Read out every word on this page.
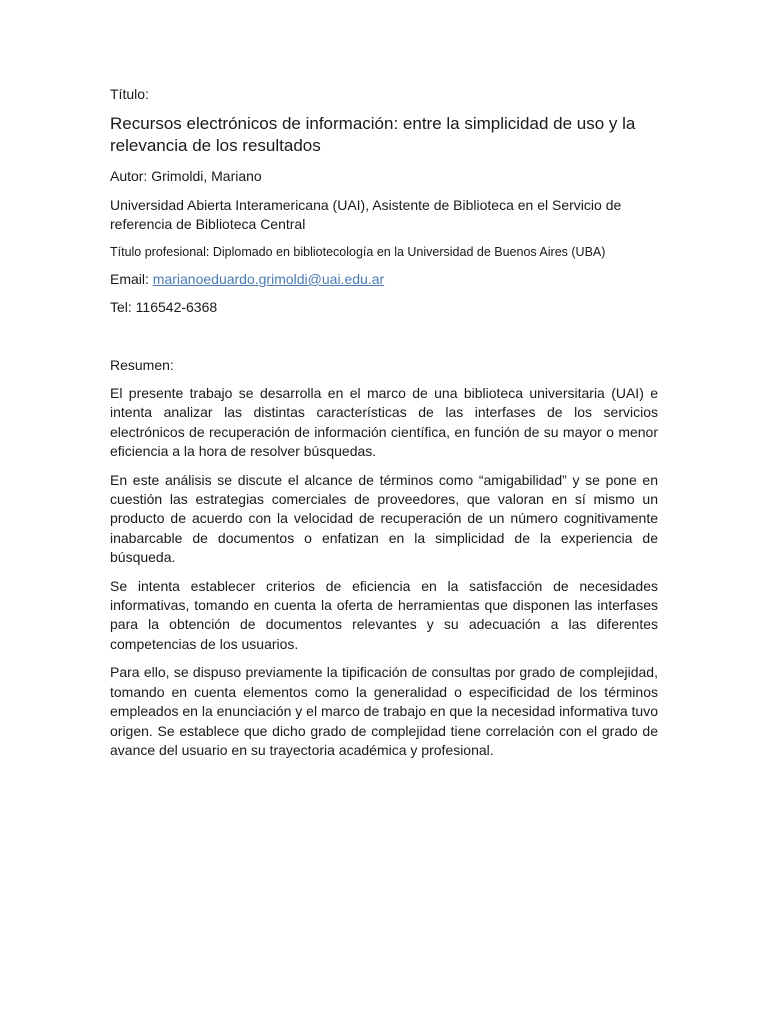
Título:

Recursos electrónicos de información: entre la simplicidad de uso y la relevancia de los resultados

Autor: Grimoldi, Mariano

Universidad Abierta Interamericana (UAI), Asistente de Biblioteca en el Servicio de referencia de Biblioteca Central

Título profesional: Diplomado en bibliotecología en la Universidad de Buenos Aires (UBA)

Email: marianoeduardo.grimoldi@uai.edu.ar

Tel: 116542-6368

Resumen:

El presente trabajo se desarrolla en el marco de una biblioteca universitaria (UAI) e intenta analizar las distintas características de las interfases de los servicios electrónicos de recuperación de información científica, en función de su mayor o menor eficiencia a la hora de resolver búsquedas.

En este análisis se discute el alcance de términos como “amigabilidad” y se pone en cuestión las estrategias comerciales de proveedores, que valoran en sí mismo un producto de acuerdo con la velocidad de recuperación de un número cognitivamente inabarcable de documentos o enfatizan en la simplicidad de la experiencia de búsqueda.

Se intenta establecer criterios de eficiencia en la satisfacción de necesidades informativas, tomando en cuenta la oferta de herramientas que disponen las interfases para la obtención de documentos relevantes y su adecuación a las diferentes competencias de los usuarios.

Para ello, se dispuso previamente la tipificación de consultas por grado de complejidad, tomando en cuenta elementos como la generalidad o especificidad de los términos empleados en la enunciación y el marco de trabajo en que la necesidad informativa tuvo origen. Se establece que dicho grado de complejidad tiene correlación con el grado de avance del usuario en su trayectoria académica y profesional.
